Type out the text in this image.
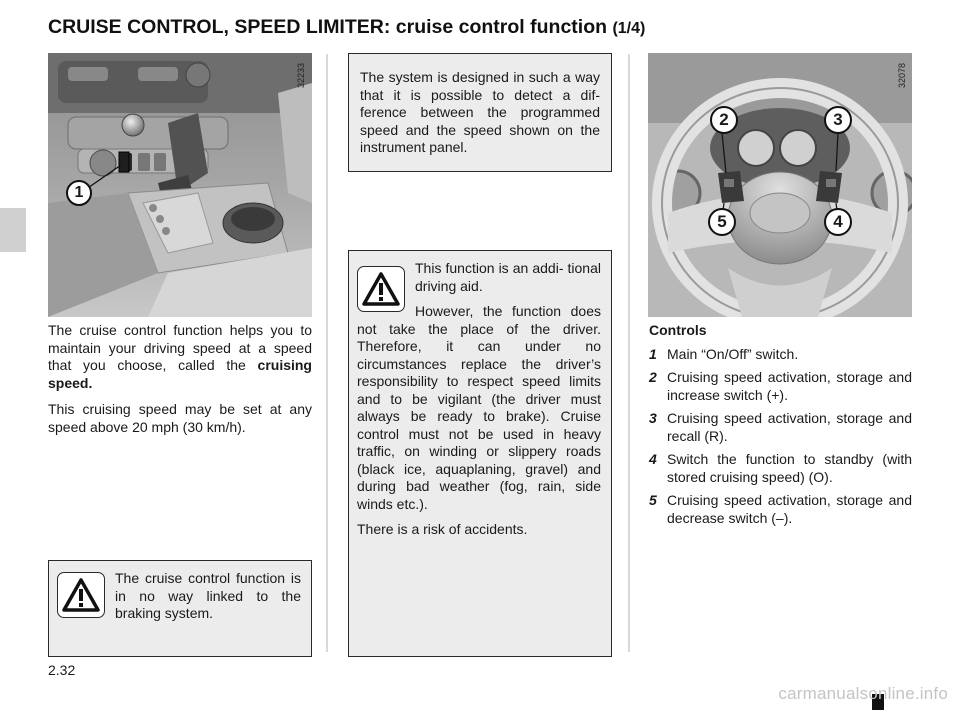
CRUISE CONTROL, SPEED LIMITER: cruise control function (1/4)
32233
1
32078
2	3
5	4

The cruise control function helps you to maintain your driving speed at a speed that you choose, called the cruising speed.

This cruising speed may be set at any speed above 20 mph (30 km/h).

The cruise control function is in no way linked to the braking system.
The system is designed in such a way that it is possible to detect a dif- ference between the programmed speed and the speed shown on the instrument panel.

This function is an addi- tional driving aid.

However, the function does not take the place of the driver. Therefore, it can under no circumstances replace the driver’s responsibility to respect speed limits and to be vigilant (the driver must always be ready to brake). Cruise control must not be used in heavy traffic, on winding or slippery roads (black ice, aquaplaning, gravel) and during bad weather (fog, rain, side winds etc.).

There is a risk of accidents.

Controls
1 Main “On/Off” switch.
2 Cruising speed activation, storage and increase switch (+).
3 Cruising speed activation, storage and recall (R).
4 Switch the function to standby (with stored cruising speed) (O).
5 Cruising speed activation, storage and decrease switch (–).
2.32
carmanualsonline.info
